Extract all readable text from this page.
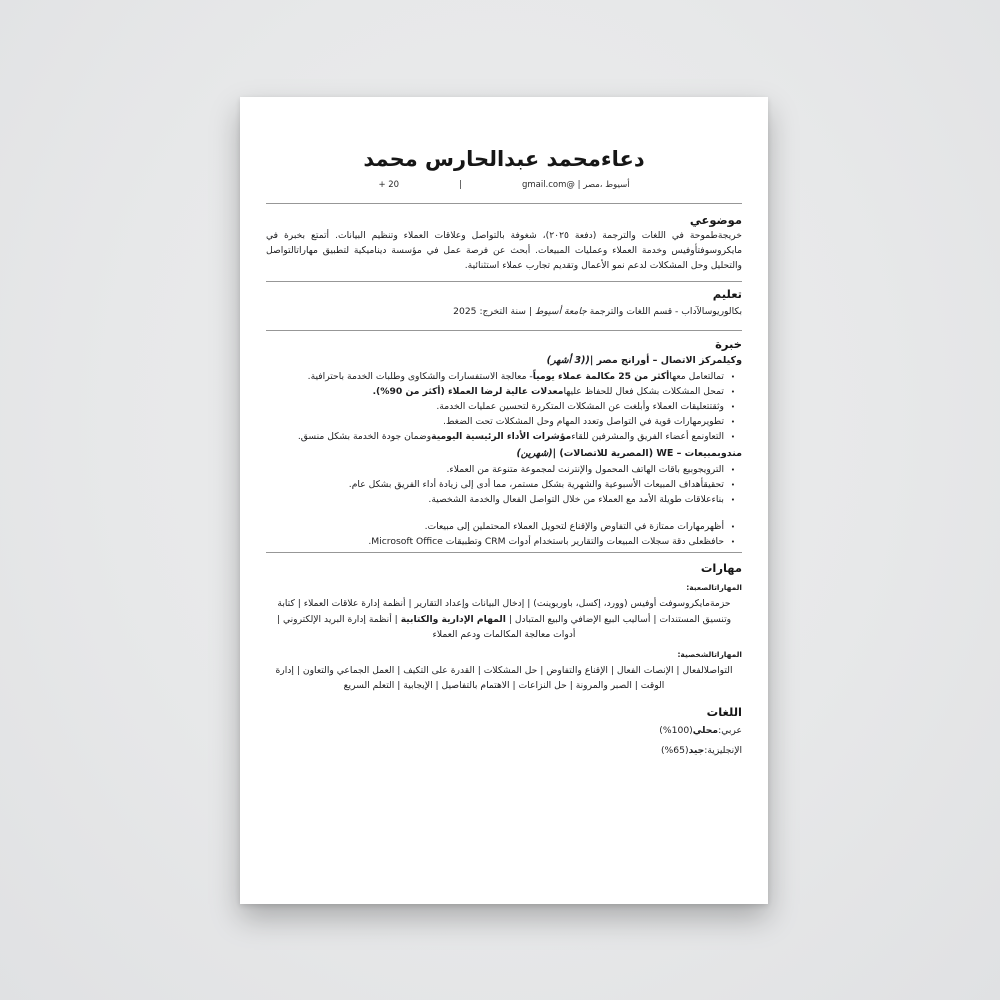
دعاءمحمد عبدالحارس محمد
أسيوط ،مصر | @gmail.com
|
+ 20
موضوعي

خريجةطموحة في اللغات والترجمة (دفعة ٢٠٢٥)، شغوفة بالتواصل وعلاقات العملاء وتنظيم البيانات. أتمتع بخبرة في مايكروسوفتأوفيس وخدمة العملاء وعمليات المبيعات. أبحث عن فرصة عمل في مؤسسة ديناميكية لتطبيق مهاراتالتواصل والتحليل وحل المشكلات لدعم نمو الأعمال وتقديم تجارب عملاء استثنائية.

تعليم

بكالوريوسالآداب - قسم اللغات والترجمة جامعة أسيوط | سنة التخرج: 2025

خبرة

وكيلمركز الاتصال – أورانج مصر |((3 أشهر)

•
تمالتعامل معهاأكثر من 25 مكالمة عملاء يومياً- معالجة الاستفسارات والشكاوى وطلبات الخدمة باحترافية.
•
تمحل المشكلات بشكل فعال للحفاظ عليهامعدلات عالية لرضا العملاء (أكثر من 90%).
•
وثقتتعليقات العملاء وأبلغت عن المشكلات المتكررة لتحسين عمليات الخدمة.
•
تطويرمهارات قوية في التواصل وتعدد المهام وحل المشكلات تحت الضغط.
•
التعاونمع أعضاء الفريق والمشرفين للقاءمؤشرات الأداء الرئيسية اليوميةوضمان جودة الخدمة بشكل منسق.

مندوبمبيعات – WE (المصرية للاتصالات) |(شهرين)

•
الترويجوبيع باقات الهاتف المحمول والإنترنت لمجموعة متنوعة من العملاء.
•
تحقيقأهداف المبيعات الأسبوعية والشهرية بشكل مستمر، مما أدى إلى زيادة أداء الفريق بشكل عام.
•
بناءعلاقات طويلة الأمد مع العملاء من خلال التواصل الفعال والخدمة الشخصية.
•
أظهرمهارات ممتازة في التفاوض والإقناع لتحويل العملاء المحتملين إلى مبيعات.
•
حافظعلى دقة سجلات المبيعات والتقارير باستخدام أدوات CRM وتطبيقات Microsoft Office.
مهارات
المهاراتالصعبة:

حزمةمايكروسوفت أوفيس (وورد، إكسل، باوربوينت) | إدخال البيانات وإعداد التقارير | أنظمة إدارة علاقات العملاء | كتابة وتنسيق المستندات | أساليب البيع الإضافي والبيع المتبادل | المهام الإدارية والكتابية | أنظمة إدارة البريد الإلكتروني | أدوات معالجة المكالمات ودعم العملاء

المهاراتالشخصية:

التواصلالفعال | الإنصات الفعال | الإقناع والتفاوض | حل المشكلات | القدرة على التكيف | العمل الجماعي والتعاون | إدارة الوقت | الصبر والمرونة | حل النزاعات | الاهتمام بالتفاصيل | الإيجابية | التعلم السريع

اللغات

عربي:محلي(100%)

الإنجليزية:جيد(65%)
